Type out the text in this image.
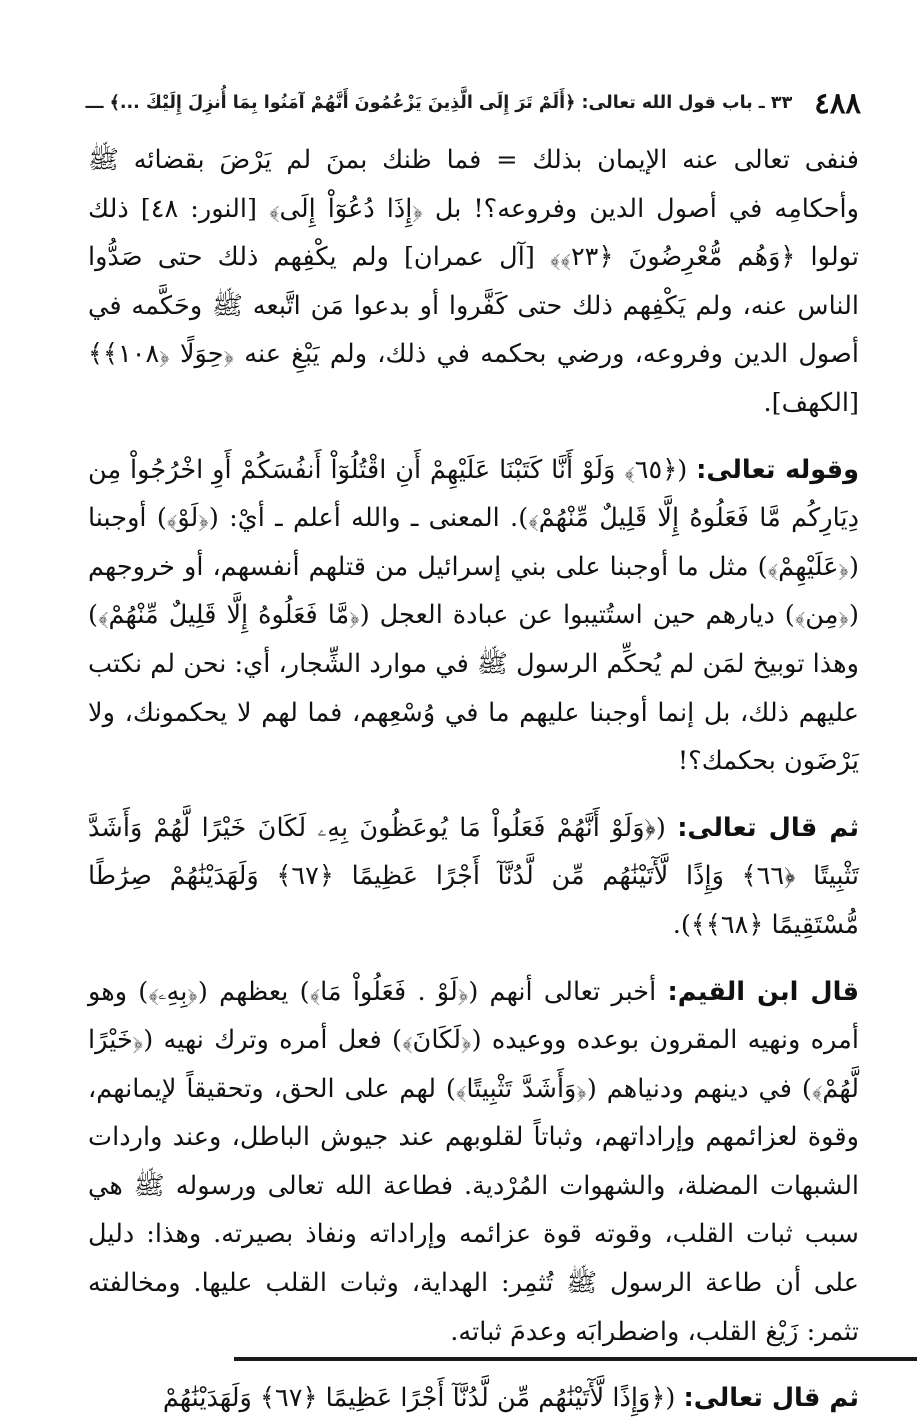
٤٨٨
٣٣ ـ باب قول الله تعالى: ﴿أَلَمْ تَرَ إِلَى الَّذِينَ يَزْعُمُونَ أَنَّهُمْ آمَنُوا بِمَا أُنزِلَ إِلَيْكَ ...﴾ ـــ

فنفى تعالى عنه الإيمان بذلك = فما ظنك بمنَ لم يَرْضَ بقضائه ﷺ وأحكامِه في أصول الدين وفروعه؟! بل ﴿إِذَا دُعُوٓاْ إِلَى﴾ [النور: ٤٨] ذلك تولوا ﴿وَهُم مُّعْرِضُونَ ﴿٢٣﴾﴾ [آل عمران] ولم يكْفِهم ذلك حتى صَدُّوا الناس عنه، ولم يَكْفِهم ذلك حتى كَفَّروا أو بدعوا مَن اتَّبعه ﷺ وحَكَّمه في أصول الدين وفروعه، ورضي بحكمه في ذلك، ولم يَبْغِ عنه ﴿حِوَلًا ﴿١٠٨﴾﴾ [الكهف].

وقوله تعالى: (﴿٦٥﴾ وَلَوْ أَنَّا كَتَبْنَا عَلَيْهِمْ أَنِ اقْتُلُوٓاْ أَنفُسَكُمْ أَوِ اخْرُجُواْ مِن دِيَارِكُم مَّا فَعَلُوهُ إِلَّا قَلِيلٌ مِّنْهُمْ﴾). المعنى ـ والله أعلم ـ أيْ: (﴿لَوْ﴾) أوجبنا (﴿عَلَيْهِمْ﴾) مثل ما أوجبنا على بني إسرائيل من قتلهم أنفسهم، أو خروجهم (﴿مِن﴾) ديارهم حين استُتيبوا عن عبادة العجل (﴿مَّا فَعَلُوهُ إِلَّا قَلِيلٌ مِّنْهُمْ﴾) وهذا توبيخ لمَن لم يُحكِّم الرسول ﷺ في موارد الشِّجار، أي: نحن لم نكتب عليهم ذلك، بل إنما أوجبنا عليهم ما في وُسْعِهم، فما لهم لا يحكمونك، ولا يَرْضَون بحكمك؟!

ثم قال تعالى: (﴿وَلَوْ أَنَّهُمْ فَعَلُواْ مَا يُوعَظُونَ بِهِۦ لَكَانَ خَيْرًا لَّهُمْ وَأَشَدَّ تَثْبِيتًا ﴿٦٦﴾ وَإِذًا لَّأٓتَيْنَٰهُم مِّن لَّدُنَّآ أَجْرًا عَظِيمًا ﴿٦٧﴾ وَلَهَدَيْنَٰهُمْ صِرَٰطًا مُّسْتَقِيمًا ﴿٦٨﴾﴾).

قال ابن القيم: أخبر تعالى أنهم (﴿لَوْ . فَعَلُواْ مَا﴾) يعظهم (﴿بِهِۦ﴾) وهو أمره ونهيه المقرون بوعده ووعيده (﴿لَكَانَ﴾) فعل أمره وترك نهيه (﴿خَيْرًا لَّهُمْ﴾) في دينهم ودنياهم (﴿وَأَشَدَّ تَثْبِيتًا﴾) لهم على الحق، وتحقيقاً لإيمانهم، وقوة لعزائمهم وإراداتهم، وثباتاً لقلوبهم عند جيوش الباطل، وعند واردات الشبهات المضلة، والشهوات المُرْدية. فطاعة الله تعالى ورسوله ﷺ هي سبب ثبات القلب، وقوته قوة عزائمه وإراداته ونفاذ بصيرته. وهذا: دليل على أن طاعة الرسول ﷺ تُثمِر: الهداية، وثبات القلب عليها. ومخالفته تثمر: زَيْغ القلب، واضطرابَه وعدمَ ثباته.

ثم قال تعالى: (﴿وَإِذًا لَّأٓتَيْنَٰهُم مِّن لَّدُنَّآ أَجْرًا عَظِيمًا ﴿٦٧﴾ وَلَهَدَيْنَٰهُمْ
